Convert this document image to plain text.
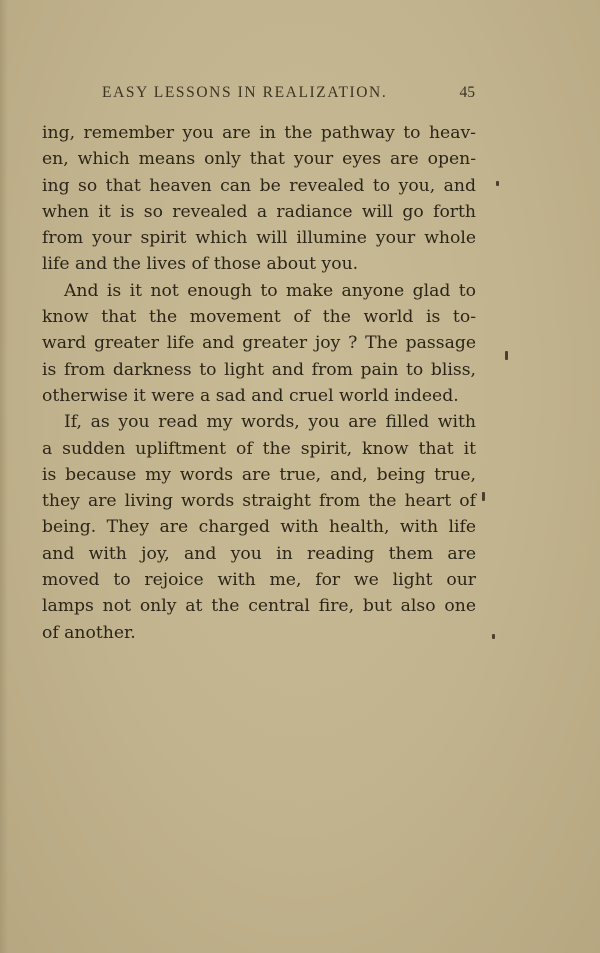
EASY LESSONS IN REALIZATION.	45
ing, remember you are in the pathway to heav-
en, which means only that your eyes are open-
ing so that heaven can be revealed to you, and
when it is so revealed a radiance will go forth
from your spirit which will illumine your whole
life and the lives of those about you.
And is it not enough to make anyone glad to
know that the movement of the world is to-
ward greater life and greater joy ? The passage
is from darkness to light and from pain to bliss,
otherwise it were a sad and cruel world indeed.
If, as you read my words, you are filled with
a sudden upliftment of the spirit, know that it
is because my words are true, and, being true,
they are living words straight from the heart of
being. They are charged with health, with life
and with joy, and you in reading them are
moved to rejoice with me, for we light our
lamps not only at the central fire, but also one
of another.
